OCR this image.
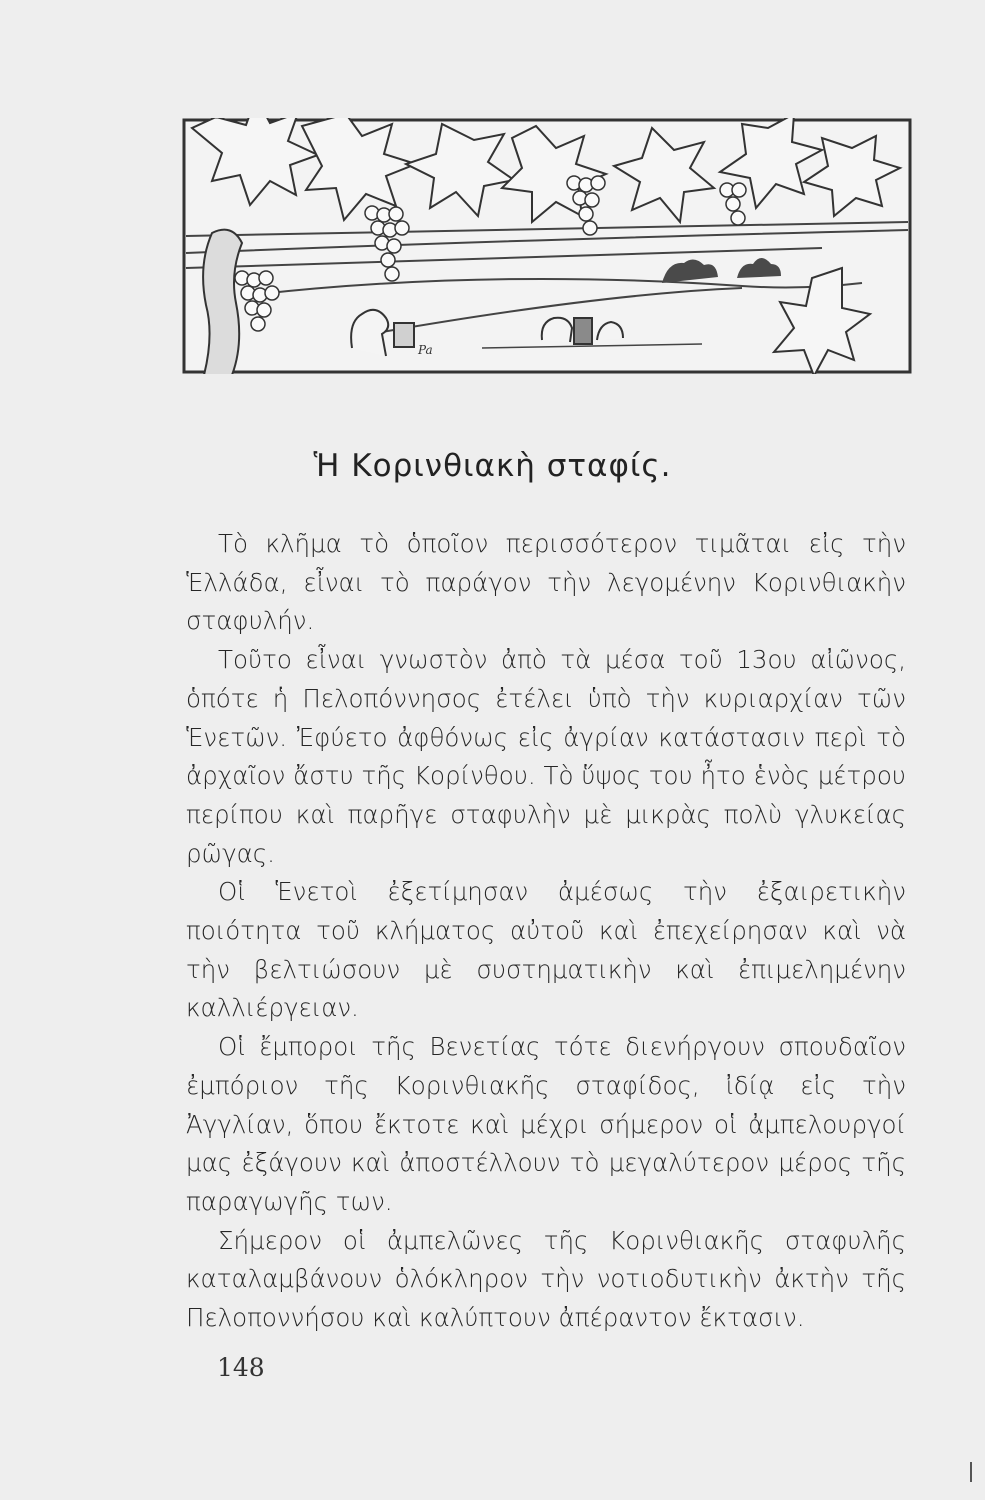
Pa
Ἡ Κορινθιακὴ σταφίς.

Τὸ κλῆμα τὸ ὁποῖον περισσότερον τιμᾶται εἰς τὴν Ἑλλάδα, εἶναι τὸ παράγον τὴν λεγομένην Κορινθιακὴν σταφυλήν.

Τοῦτο εἶναι γνωστὸν ἀπὸ τὰ μέσα τοῦ 13ου αἰῶνος, ὁπότε ἡ Πελοπόννησος ἐτέλει ὑπὸ τὴν κυριαρχίαν τῶν Ἑνετῶν. Ἐφύετο ἀφθόνως εἰς ἀγρίαν κατάστασιν περὶ τὸ ἀρχαῖον ἄστυ τῆς Κορίνθου. Τὸ ὕψος του ἦτο ἑνὸς μέτρου περίπου καὶ παρῆγε σταφυλὴν μὲ μικρὰς πολὺ γλυκείας ρῶγας.

Οἱ Ἑνετοὶ ἐξετίμησαν ἀμέσως τὴν ἐξαιρετικὴν ποιότητα τοῦ κλήματος αὐτοῦ καὶ ἐπεχείρησαν καὶ νὰ τὴν βελτιώσουν μὲ συστηματικὴν καὶ ἐπιμελημένην καλλιέργειαν.

Οἱ ἔμποροι τῆς Βενετίας τότε διενήργουν σπουδαῖον ἐμπόριον τῆς Κορινθιακῆς σταφίδος, ἰδίᾳ εἰς τὴν Ἀγγλίαν, ὅπου ἔκτοτε καὶ μέχρι σήμερον οἱ ἀμπελουργοί μας ἐξάγουν καὶ ἀποστέλλουν τὸ μεγαλύτερον μέρος τῆς παραγωγῆς των.

Σήμερον οἱ ἀμπελῶνες τῆς Κορινθιακῆς σταφυλῆς καταλαμβάνουν ὁλόκληρον τὴν νοτιοδυτικὴν ἀκτὴν τῆς Πελοποννήσου καὶ καλύπτουν ἀπέραντον ἔκτασιν.

148
